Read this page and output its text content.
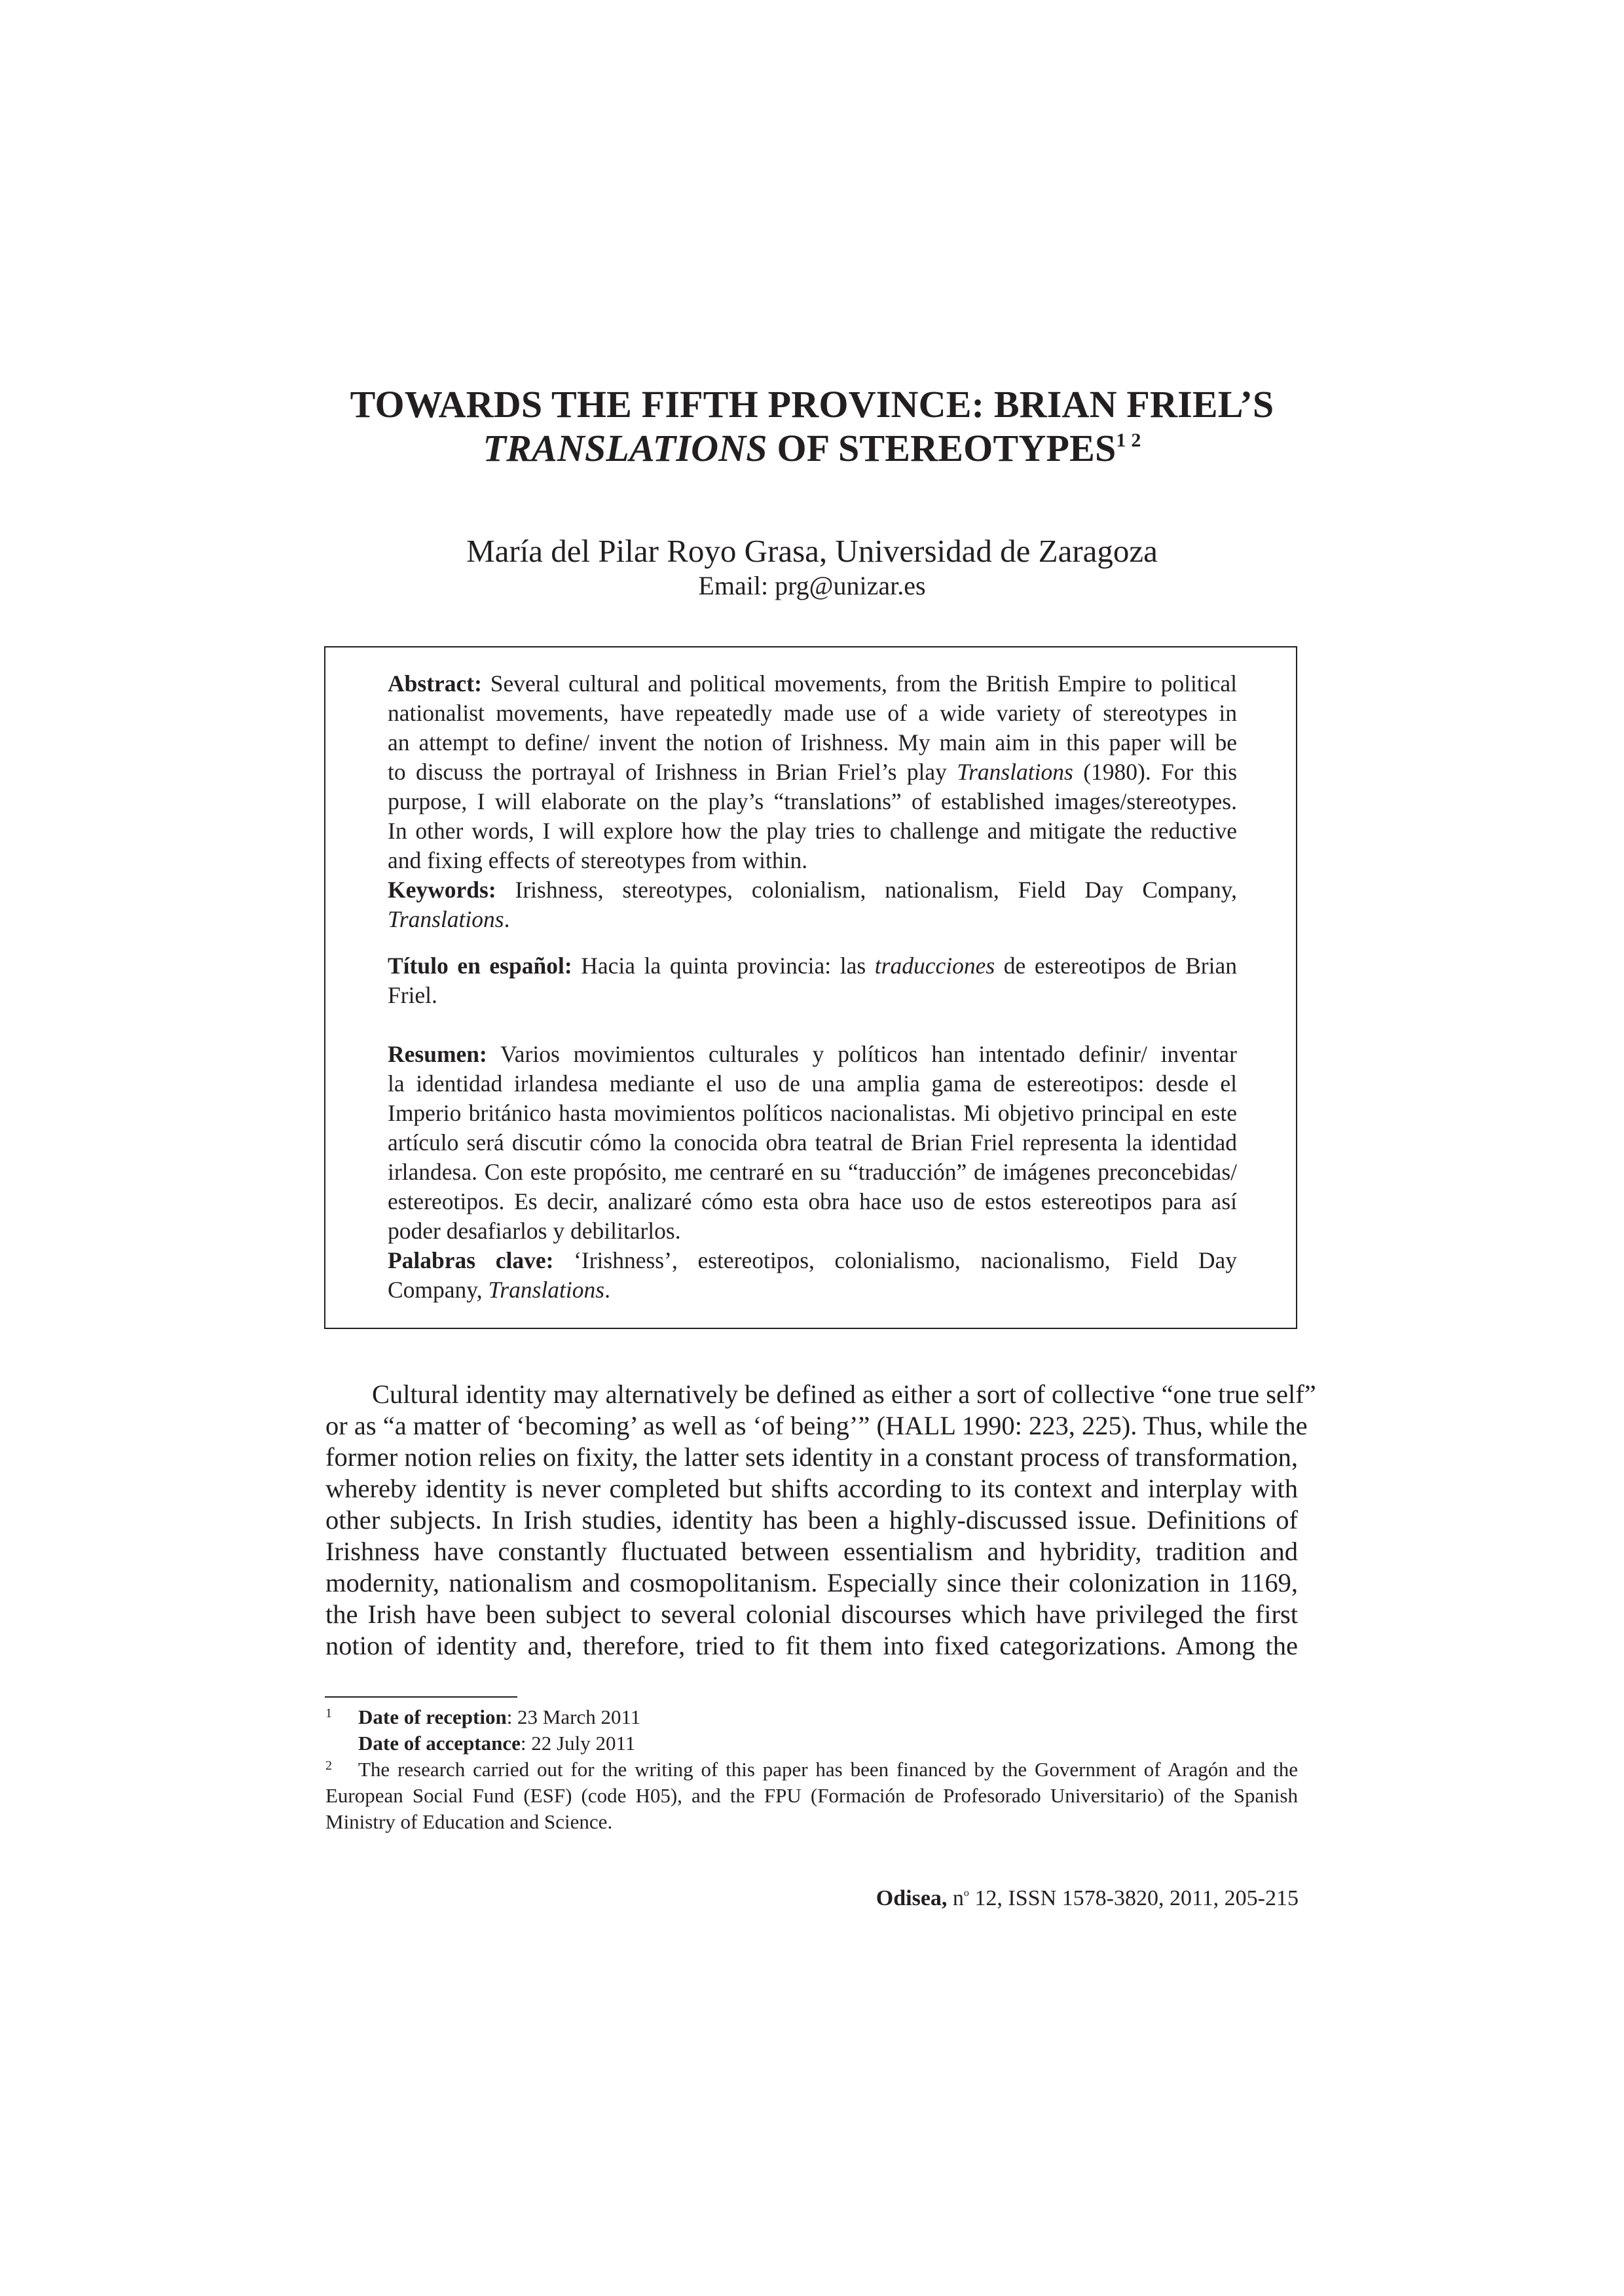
TOWARDS THE FIFTH PROVINCE: BRIAN FRIEL’S
TRANSLATIONS OF $STEREOTYPES^{1 2}$
María del Pilar Royo Grasa, Universidad de Zaragoza
Email: prg@unizar.es
Abstract: Several cultural and political movements, from the British Empire to political
nationalist movements, have repeatedly made use of a wide variety of stereotypes in
an attempt to define/ invent the notion of Irishness. My main aim in this paper will be
to discuss the portrayal of Irishness in Brian Friel’s play Translations (1980). For this
purpose, I will elaborate on the play’s “translations” of established images/stereotypes.
In other words, I will explore how the play tries to challenge and mitigate the reductive
and fixing effects of stereotypes from within.
Keywords: Irishness, stereotypes, colonialism, nationalism, Field Day Company,
Translations.
Título en español: Hacia la quinta provincia: las traducciones de estereotipos de Brian
Friel.
Resumen: Varios movimientos culturales y políticos han intentado definir/ inventar
la identidad irlandesa mediante el uso de una amplia gama de estereotipos: desde el
Imperio británico hasta movimientos políticos nacionalistas. Mi objetivo principal en este
artículo será discutir cómo la conocida obra teatral de Brian Friel representa la identidad
irlandesa. Con este propósito, me centraré en su “traducción” de imágenes preconcebidas/
estereotipos. Es decir, analizaré cómo esta obra hace uso de estos estereotipos para así
poder desafiarlos y debilitarlos.
Palabras clave: ‘Irishness’, estereotipos, colonialismo, nacionalismo, Field Day
Company, Translations.
Cultural identity may alternatively be defined as either a sort of collective “one true self”
or as “a matter of ‘becoming’ as well as ‘of being’” (HALL 1990: 223, 225). Thus, while the
former notion relies on fixity, the latter sets identity in a constant process of transformation,
whereby identity is never completed but shifts according to its context and interplay with
other subjects. In Irish studies, identity has been a highly-discussed issue. Definitions of
Irishness have constantly fluctuated between essentialism and hybridity, tradition and
modernity, nationalism and cosmopolitanism. Especially since their colonization in 1169,
the Irish have been subject to several colonial discourses which have privileged the first
notion of identity and, therefore, tried to fit them into fixed categorizations. Among the
1 Date of reception: 23 March 2011
Date of acceptance: 22 July 2011
2	The research carried out for the writing of this paper has been financed by the Government of Aragón and the
European Social Fund (ESF) (code H05), and the FPU (Formación de Profesorado Universitario) of the Spanish
Ministry of Education and Science.
Odisea, $n^o$ 12, ISSN 1578-3820, 2011, 205-215
